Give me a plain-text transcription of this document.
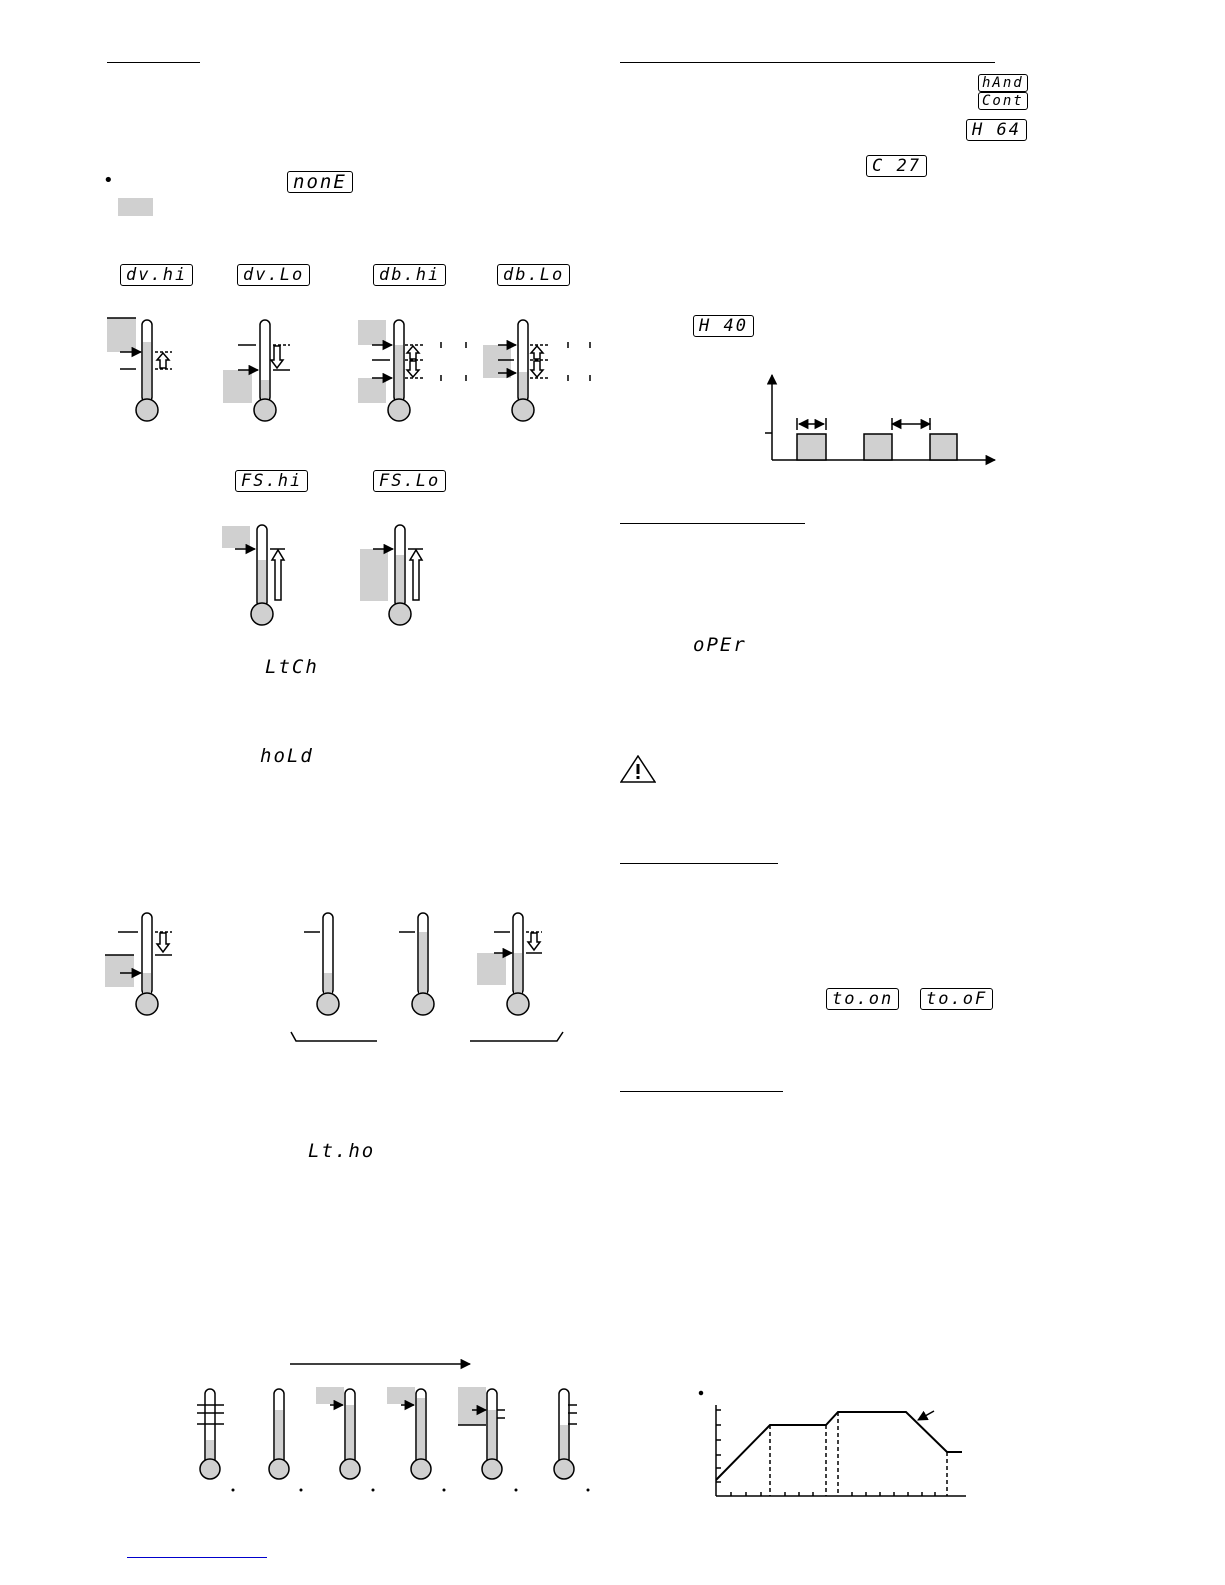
•	nonE
dv.hi	dv.Lo	db.hi	db.Lo
FS.hi	FS.Lo
LtCh
hoLd
Lt.ho
hAnd
Cont
H 64
C 27
H 40
oPEr
to.on	to.oF
